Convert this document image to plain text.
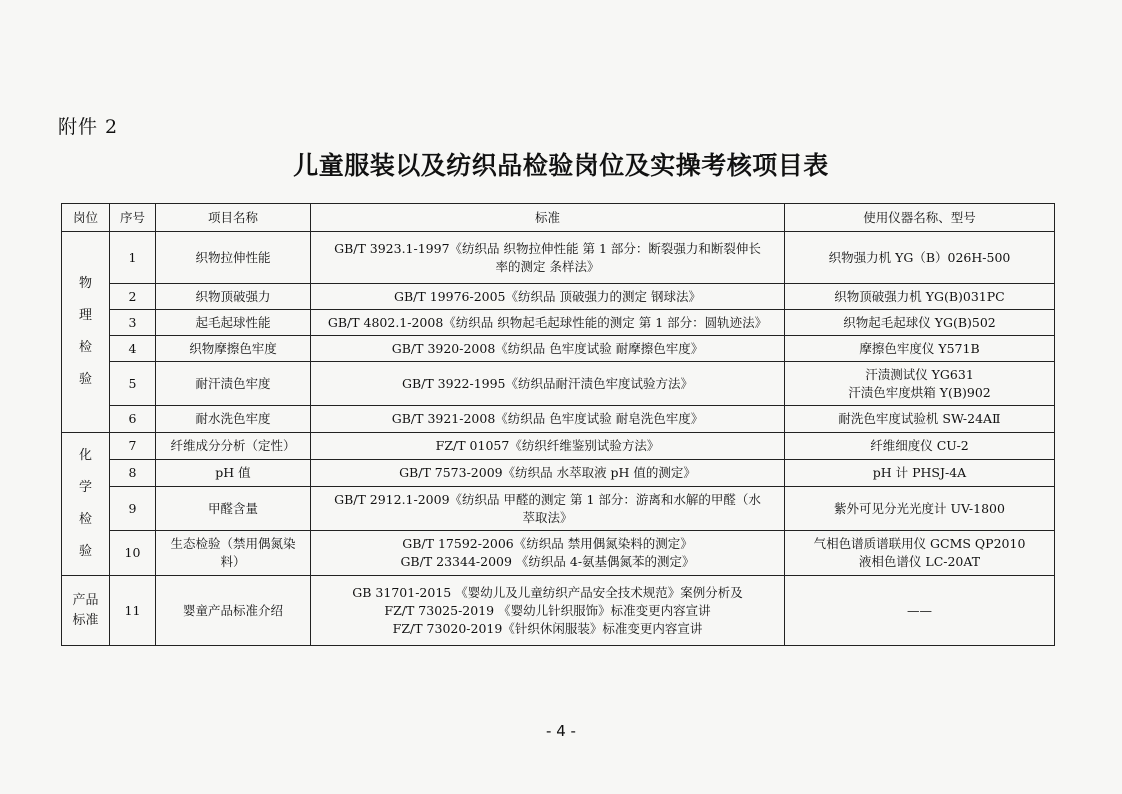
附件 2
儿童服装以及纺织品检验岗位及实操考核项目表
岗位	序号	项目名称	标准	使用仪器名称、型号

物
理
检
验	1	织物拉伸性能	GB/T 3923.1-1997《纺织品 织物拉伸性能 第 1 部分：断裂强力和断裂伸长
率的测定 条样法》	织物强力机 YG（B）026H-500

	2	织物顶破强力	GB/T 19976-2005《纺织品 顶破强力的测定 钢球法》	织物顶破强力机 YG(B)031PC

	3	起毛起球性能	GB/T 4802.1-2008《纺织品 织物起毛起球性能的测定 第 1 部分：圆轨迹法》	织物起毛起球仪 YG(B)502

	4	织物摩擦色牢度	GB/T 3920-2008《纺织品 色牢度试验 耐摩擦色牢度》	摩擦色牢度仪 Y571B

	5	耐汗渍色牢度	GB/T 3922-1995《纺织品耐汗渍色牢度试验方法》	汗渍测试仪 YG631
汗渍色牢度烘箱 Y(B)902

	6	耐水洗色牢度	GB/T 3921-2008《纺织品 色牢度试验 耐皂洗色牢度》	耐洗色牢度试验机 SW-24AⅡ

化
学
检
验	7	纤维成分分析（定性）	FZ/T 01057《纺织纤维鉴别试验方法》	纤维细度仪 CU-2

	8	pH 值	GB/T 7573-2009《纺织品 水萃取液 pH 值的测定》	pH 计 PHSJ-4A

	9	甲醛含量	GB/T 2912.1-2009《纺织品 甲醛的测定 第 1 部分：游离和水解的甲醛（水
萃取法》	紫外可见分光光度计 UV-1800

	10	生态检验（禁用偶氮染
料）	GB/T 17592-2006《纺织品 禁用偶氮染料的测定》
GB/T 23344-2009 《纺织品 4-氨基偶氮苯的测定》	气相色谱质谱联用仪 GCMS QP2010
液相色谱仪 LC-20AT

产品
标准	11	婴童产品标准介绍	GB 31701-2015 《婴幼儿及儿童纺织产品安全技术规范》案例分析及
FZ/T 73025-2019 《婴幼儿针织服饰》标准变更内容宣讲
FZ/T 73020-2019《针织休闲服装》标准变更内容宣讲	——
- 4 -
